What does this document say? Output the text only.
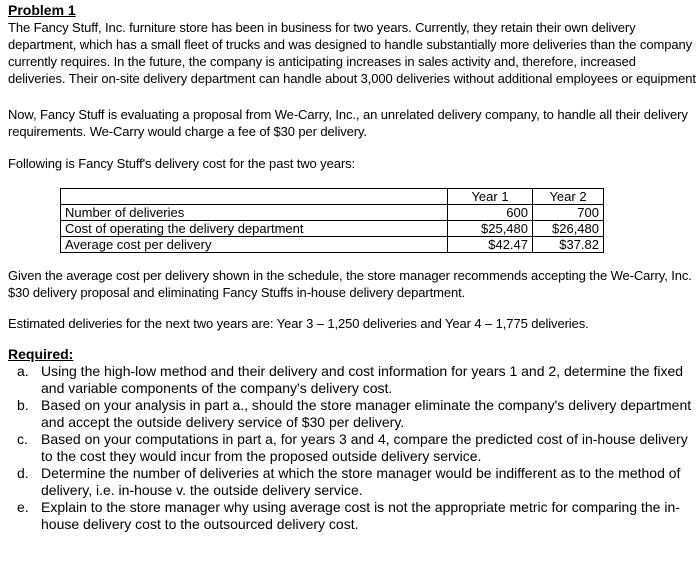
Problem 1

The Fancy Stuff, Inc. furniture store has been in business for two years. Currently, they retain their own delivery department, which has a small fleet of trucks and was designed to handle substantially more deliveries than the company currently requires. In the future, the company is anticipating increases in sales activity and, therefore, increased deliveries. Their on-site delivery department can handle about 3,000 deliveries without additional employees or equipment

Now, Fancy Stuff is evaluating a proposal from We-Carry, Inc., an unrelated delivery company, to handle all their delivery requirements. We-Carry would charge a fee of $30 per delivery.

Following is Fancy Stuff's delivery cost for the past two years:

	Year 1	Year 2
Number of deliveries	600	700
Cost of operating the delivery department	$25,480	$26,480
Average cost per delivery	$42.47	$37.82

Given the average cost per delivery shown in the schedule, the store manager recommends accepting the We-Carry, Inc. $30 delivery proposal and eliminating Fancy Stuffs in-house delivery department.

Estimated deliveries for the next two years are: Year 3 – 1,250 deliveries and Year 4 – 1,775 deliveries.

Required:
a. Using the high-low method and their delivery and cost information for years 1 and 2, determine the fixed and variable components of the company's delivery cost.
b. Based on your analysis in part a., should the store manager eliminate the company's delivery department and accept the outside delivery service of $30 per delivery.
c. Based on your computations in part a, for years 3 and 4, compare the predicted cost of in-house delivery to the cost they would incur from the proposed outside delivery service.
d. Determine the number of deliveries at which the store manager would be indifferent as to the method of delivery, i.e. in-house v. the outside delivery service.
e. Explain to the store manager why using average cost is not the appropriate metric for comparing the in-house delivery cost to the outsourced delivery cost.
